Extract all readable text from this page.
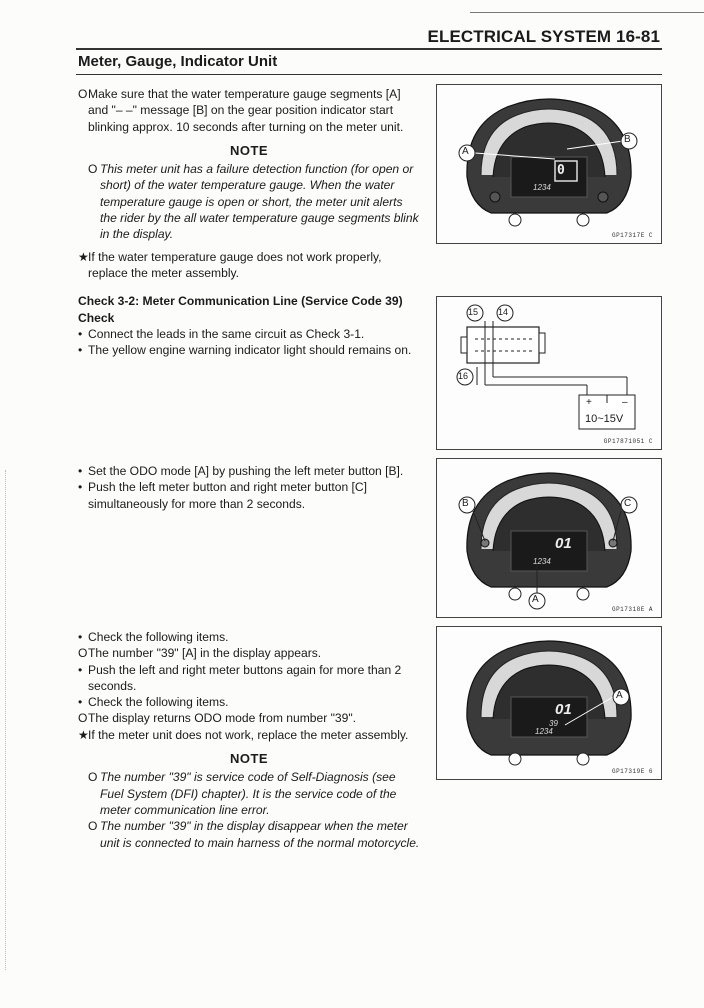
ELECTRICAL SYSTEM 16-81
Meter, Gauge, Indicator Unit

O Make sure that the water temperature gauge segments [A] and "– –" message [B] on the gear position indicator start blinking approx. 10 seconds after turning on the meter unit.

NOTE

O This meter unit has a failure detection function (for open or short) of the water temperature gauge. When the water temperature gauge is open or short, the meter unit alerts the rider by the all water temperature gauge segments blink in the display.

★ If the water temperature gauge does not work properly, replace the meter assembly.

Check 3-2: Meter Communication Line (Service Code 39) Check

• Connect the leads in the same circuit as Check 3-1.

• The yellow engine warning indicator light should remains on.

• Set the ODO mode [A] by pushing the left meter button [B].

• Push the left meter button and right meter button [C] simultaneously for more than 2 seconds.

• Check the following items.

O The number "39" [A] in the display appears.

• Push the left and right meter buttons again for more than 2 seconds.

• Check the following items.

O The display returns ODO mode from number "39".

★ If the meter unit does not work, replace the meter assembly.

NOTE

O The number "39" is service code of Self-Diagnosis (see Fuel System (DFI) chapter). It is the service code of the meter communication line error.

O The number "39" in the display disappear when the meter unit is connected to main harness of the normal motorcycle.

A
B
0
1234
GP17317E C
15 14
16
+	–
10~15V
GP17871051 C
B	C
A
01
1234
GP17318E A
A
01
39
1234
GP17319E 6
